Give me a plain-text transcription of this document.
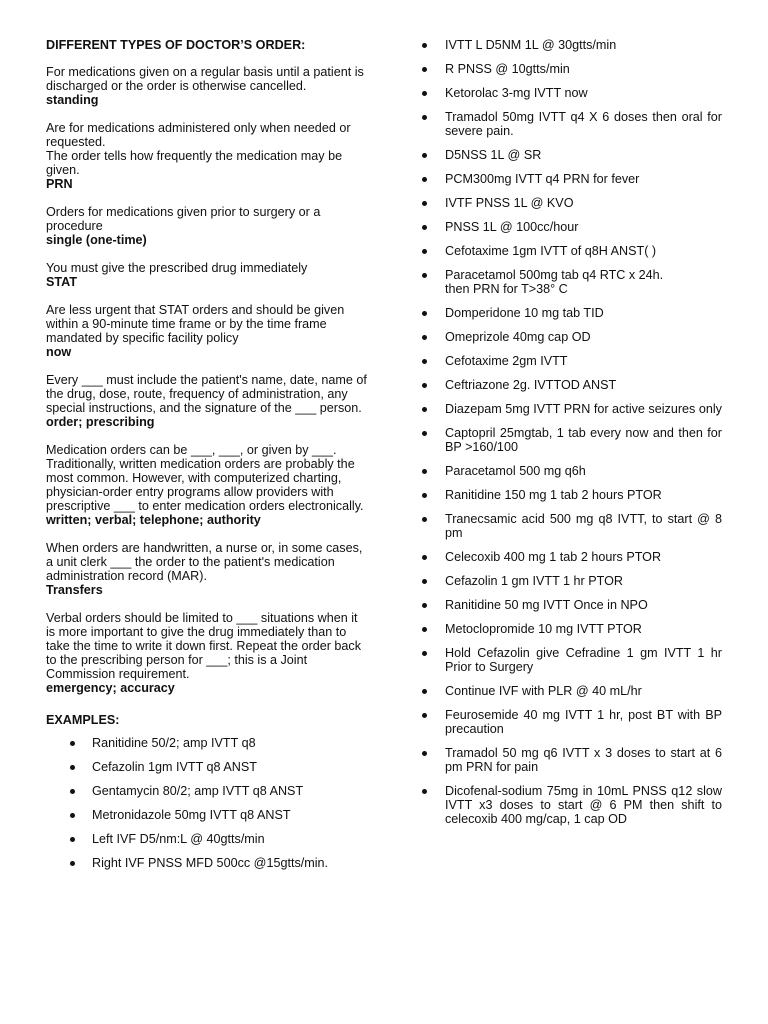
DIFFERENT TYPES OF DOCTOR’S ORDER:

For medications given on a regular basis until a patient is discharged or the order is otherwise cancelled.

standing

Are for medications administered only when needed or requested.
The order tells how frequently the medication may be given.

PRN

Orders for medications given prior to surgery or a procedure

single (one-time)

You must give the prescribed drug immediately

STAT

Are less urgent that STAT orders and should be given within a 90-minute time frame or by the time frame mandated by specific facility policy

now

Every ___ must include the patient's name, date, name of the drug, dose, route, frequency of administration, any special instructions, and the signature of the ___ person.

order; prescribing

Medication orders can be ___, ___, or given by ___. Traditionally, written medication orders are probably the most common. However, with computerized charting, physician-order entry programs allow providers with prescriptive ___ to enter medication orders electronically.

written; verbal; telephone; authority

When orders are handwritten, a nurse or, in some cases, a unit clerk ___ the order to the patient's medication administration record (MAR).

Transfers

Verbal orders should be limited to ___ situations when it is more important to give the drug immediately than to take the time to write it down first. Repeat the order back to the prescribing person for ___; this is a Joint Commission requirement.

emergency; accuracy

EXAMPLES:

Ranitidine 50/2; amp IVTT q8
Cefazolin 1gm IVTT q8 ANST
Gentamycin 80/2; amp IVTT q8 ANST
Metronidazole 50mg IVTT q8 ANST
Left IVF D5/nm:L @ 40gtts/min
Right IVF PNSS MFD 500cc @15gtts/min.
IVTT L D5NM 1L @ 30gtts/min
R PNSS @ 10gtts/min
Ketorolac 3-mg IVTT now
Tramadol 50mg IVTT q4 X 6 doses then oral for severe pain.
D5NSS 1L @ SR
PCM300mg IVTT q4 PRN for fever
IVTF PNSS 1L @ KVO
PNSS 1L @ 100cc/hour
Cefotaxime 1gm IVTT of q8H ANST( )
Paracetamol 500mg tab q4 RTC x 24h.
then PRN for T>38° C
Domperidone 10 mg tab TID
Omeprizole 40mg cap OD
Cefotaxime 2gm IVTT
Ceftriazone 2g. IVTTOD ANST
Diazepam 5mg IVTT PRN for active seizures only
Captopril 25mgtab, 1 tab every now and then for BP >160/100
Paracetamol 500 mg q6h
Ranitidine 150 mg 1 tab 2 hours PTOR
Tranecsamic acid 500 mg q8 IVTT, to start @ 8 pm
Celecoxib 400 mg 1 tab 2 hours PTOR
Cefazolin 1 gm IVTT 1 hr PTOR
Ranitidine 50 mg IVTT Once in NPO
Metoclopromide 10 mg IVTT PTOR
Hold Cefazolin give Cefradine 1 gm IVTT 1 hr Prior to Surgery
Continue IVF with PLR @ 40 mL/hr
Feurosemide 40 mg IVTT 1 hr, post BT with BP precaution
Tramadol 50 mg q6 IVTT x 3 doses to start at 6 pm PRN for pain
Dicofenal-sodium 75mg in 10mL PNSS q12 slow IVTT x3 doses to start @ 6 PM then shift to celecoxib 400 mg/cap, 1 cap OD
